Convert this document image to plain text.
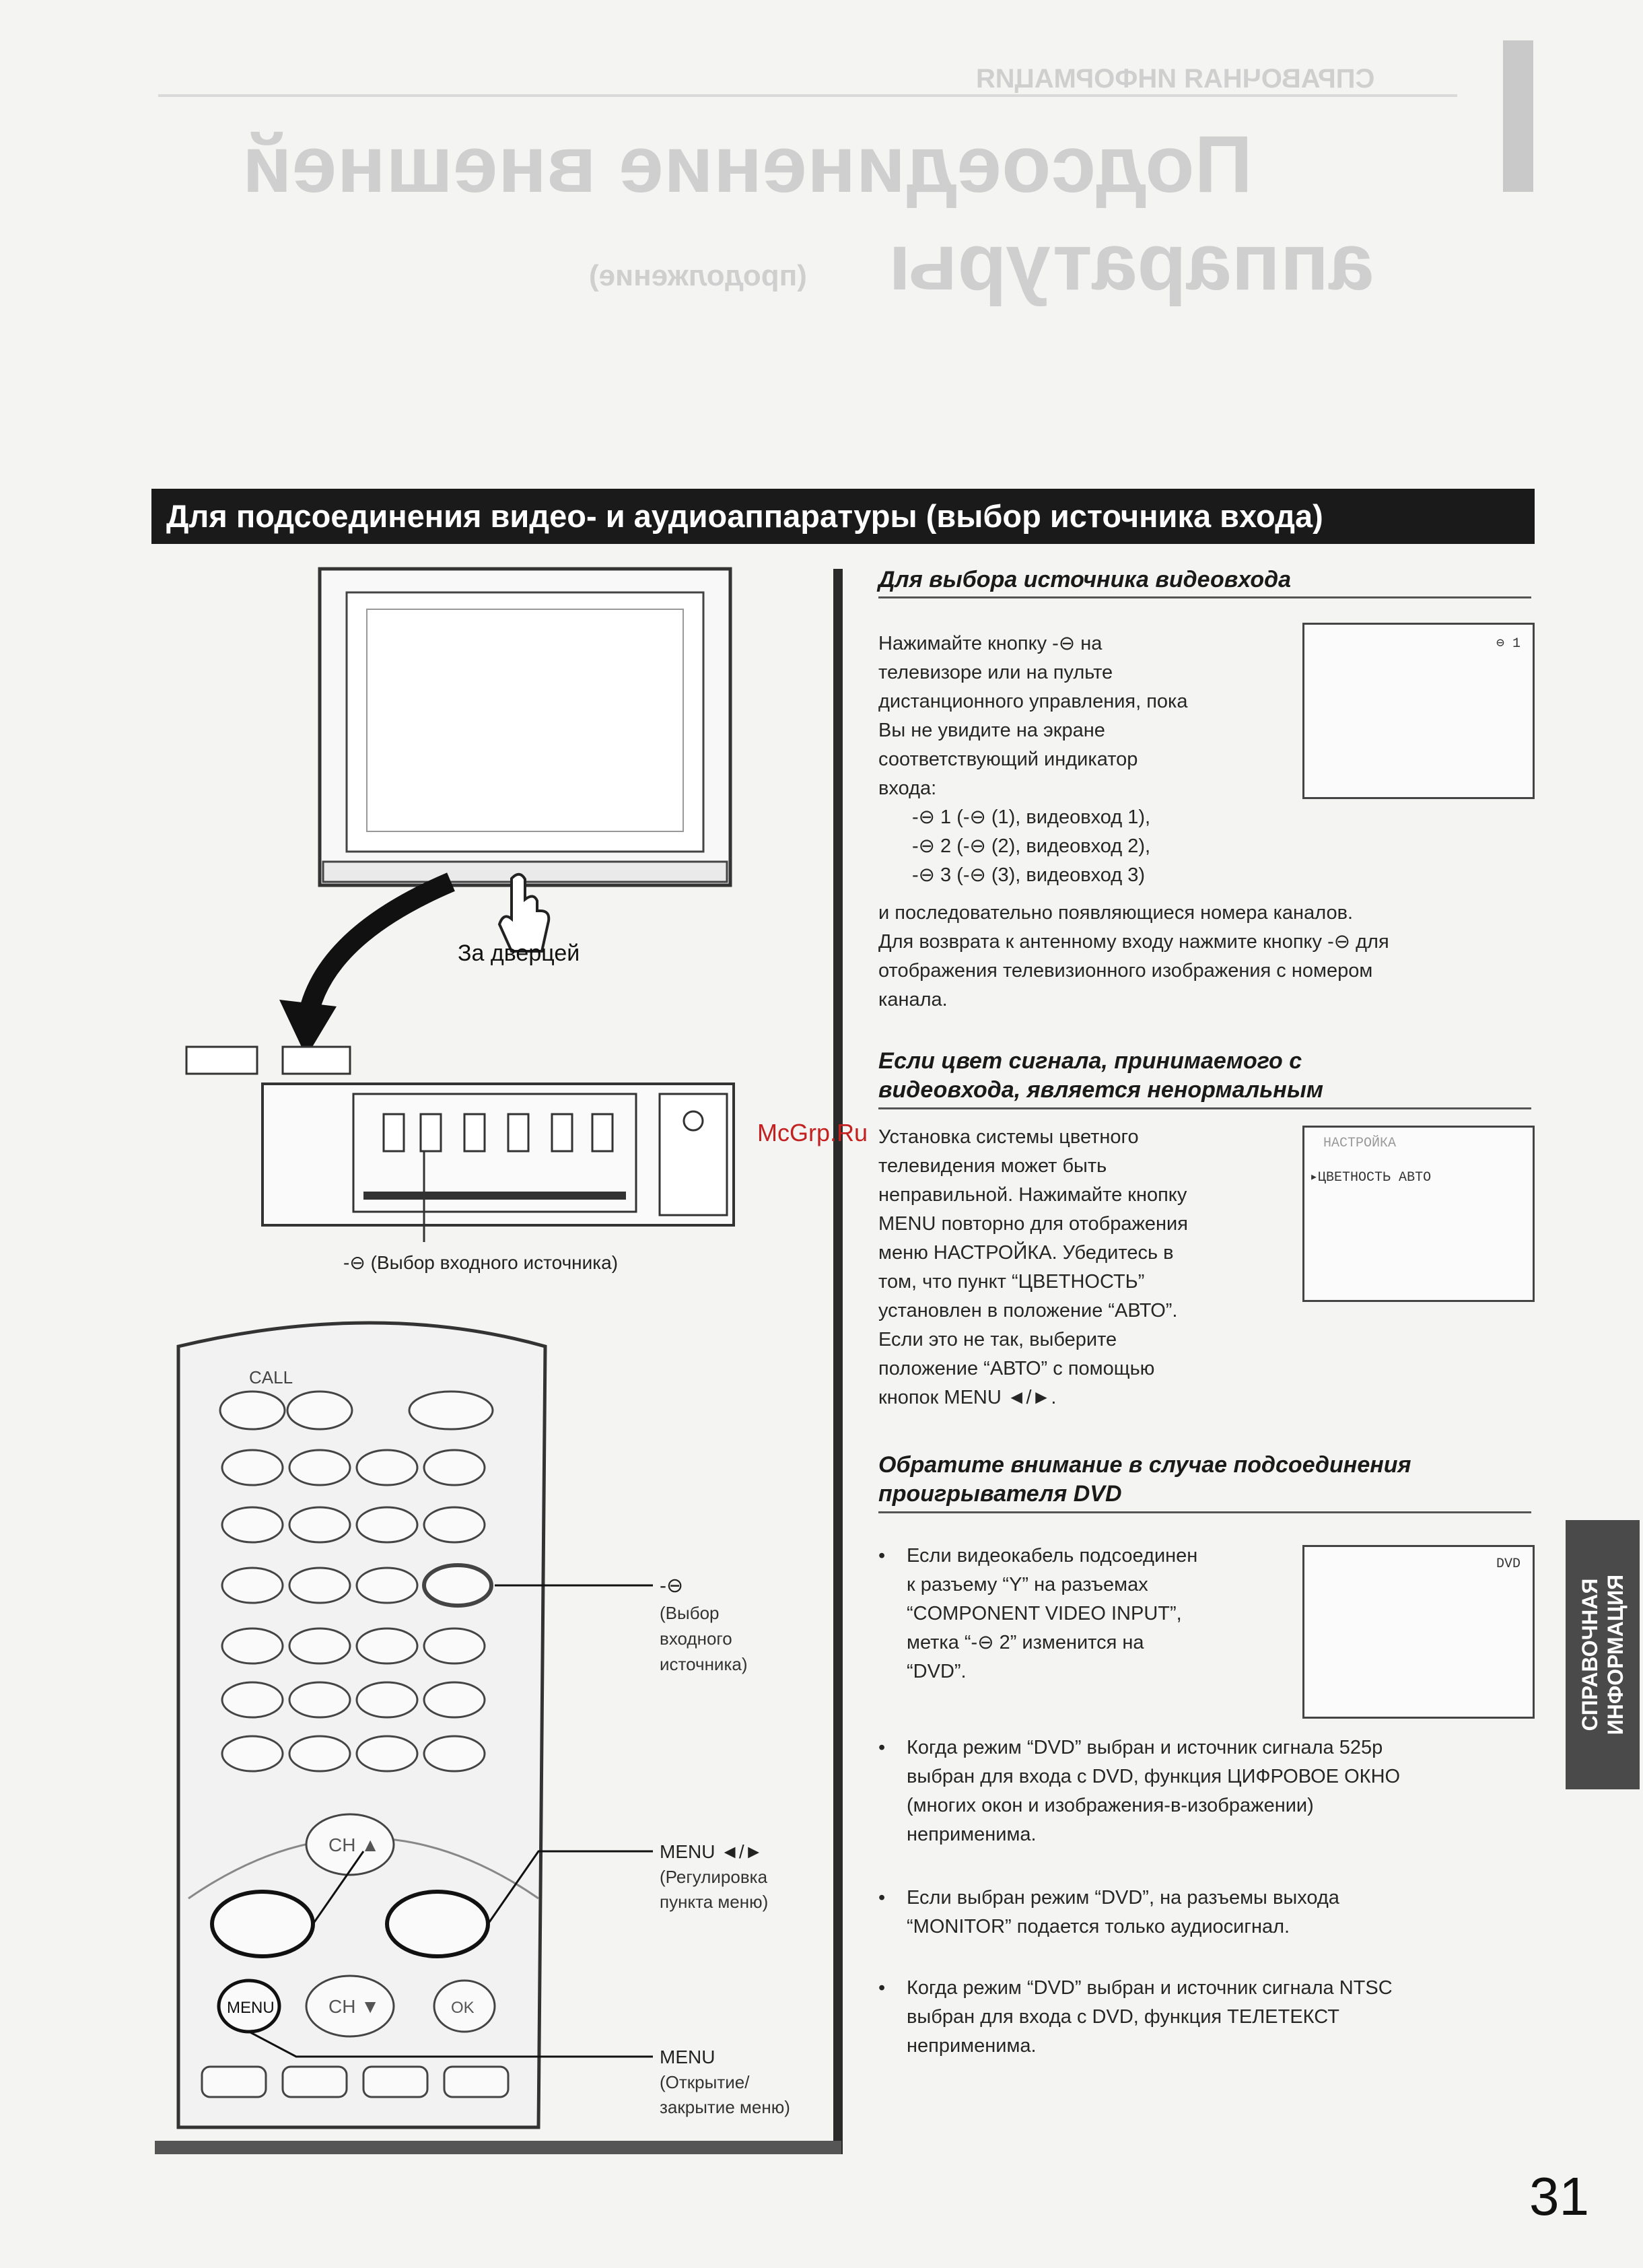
СПРАВОЧНАЯ ИНФОРМАЦИЯ
Подсоединение внешней
аппаратуры
(продолжение)
Для подсоединения видео- и аудиоаппаратуры (выбор источника входа)
За дверцей
-⊖ (Выбор входного источника)
CALL
CH ▲
CH ▼
MENU	OK
-⊖
(Выбор
входного
источника)
MENU ◄/►
(Регулировка
пункта меню)
MENU
(Открытие/
закрытие меню)
McGrp.Ru
Для выбора источника видеовхода
Нажимайте кнопку -⊖ на
телевизоре или на пульте
дистанционного управления, пока
Вы не увидите на экране
соответствующий индикатор
входа:
-⊖ 1 (-⊖ (1), видеовход 1),
-⊖ 2 (-⊖ (2), видеовход 2),
-⊖ 3 (-⊖ (3), видеовход 3)
и последовательно появляющиеся номера каналов.
Для возврата к антенному входу нажмите кнопку -⊖ для
отображения телевизионного изображения с номером
канала.
⊖ 1
Если цвет сигнала, принимаемого с
видеовхода, является ненормальным
Установка системы цветного
телевидения может быть
неправильной. Нажимайте кнопку
MENU повторно для отображения
меню НАСТРОЙКА. Убедитесь в
том, что пункт “ЦВЕТНОСТЬ”
установлен в положение “АВТО”.
Если это не так, выберите
положение “АВТО” с помощью
кнопок MENU ◄/►.
НАСТРОЙКА
▸ЦВЕТНОСТЬ АВТО
Обратите внимание в случае подсоединения
проигрывателя DVD
• Если видеокабель подсоединен
к разъему “Y” на разъемах
“COMPONENT VIDEO INPUT”,
метка “-⊖ 2” изменится на
“DVD”.
DVD
• Когда режим “DVD” выбран и источник сигнала 525p
выбран для входа с DVD, функция ЦИФРОВОЕ ОКНО
(многих окон и изображения-в-изображении)
неприменима.
• Если выбран режим “DVD”, на разъемы выхода
“MONITOR” подается только аудиосигнал.
• Когда режим “DVD” выбран и источник сигнала NTSC
выбран для входа с DVD, функция ТЕЛЕТЕКСТ
неприменима.
СПРАВОЧНАЯ ИНФОРМАЦИЯ
31
